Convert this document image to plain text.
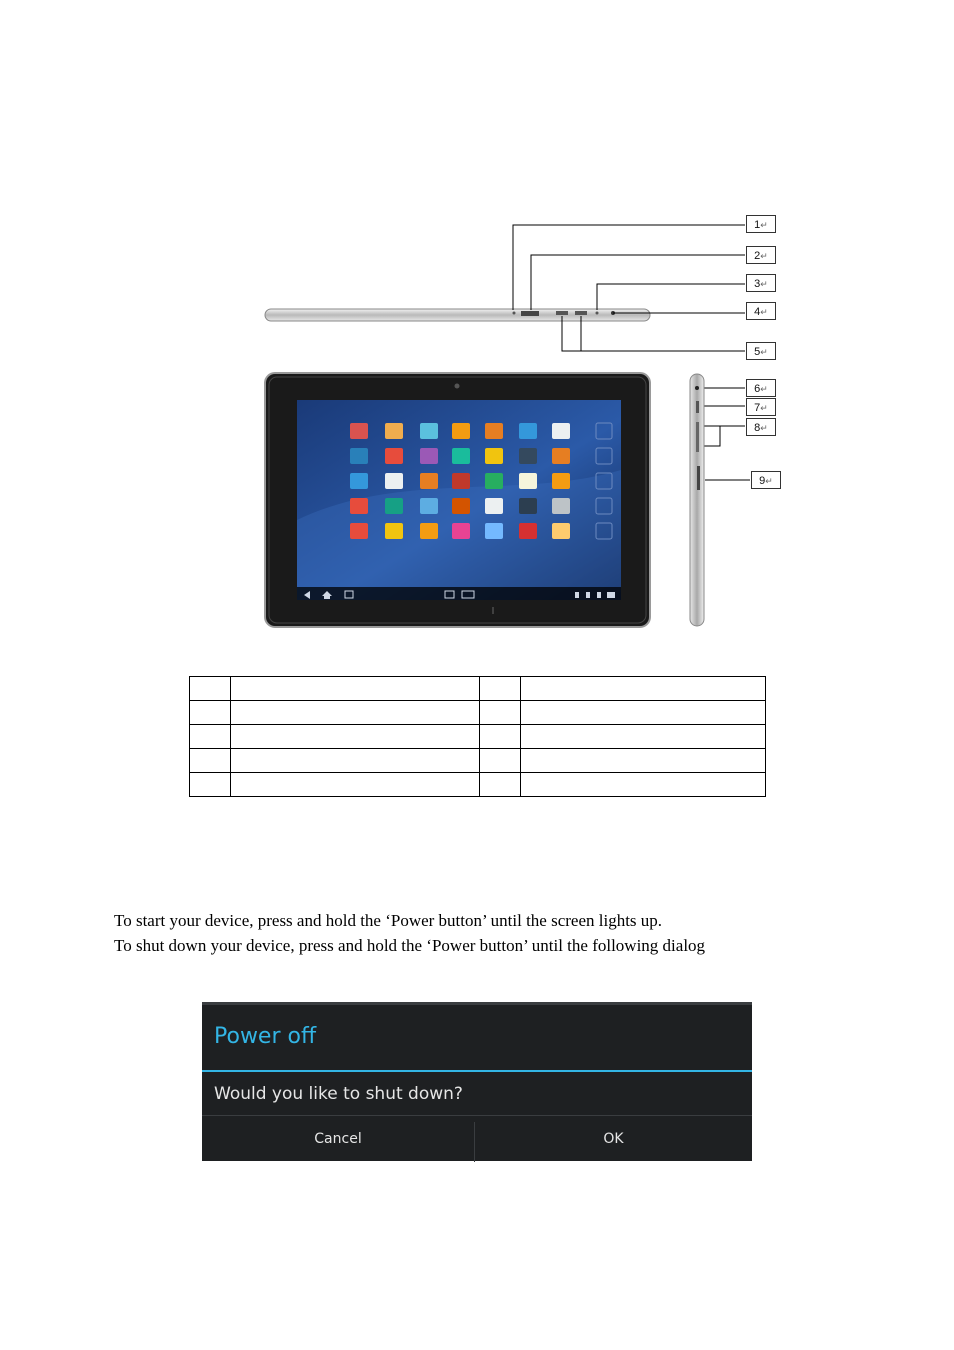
1↵
2↵
3↵
4↵
5↵
6↵
7↵
8↵
9↵

To start your device, press and hold the ‘Power button’ until the screen lights up.
To shut down your device, press and hold the ‘Power button’ until the following dialog
Power off
Would you like to shut down?
Cancel	OK
